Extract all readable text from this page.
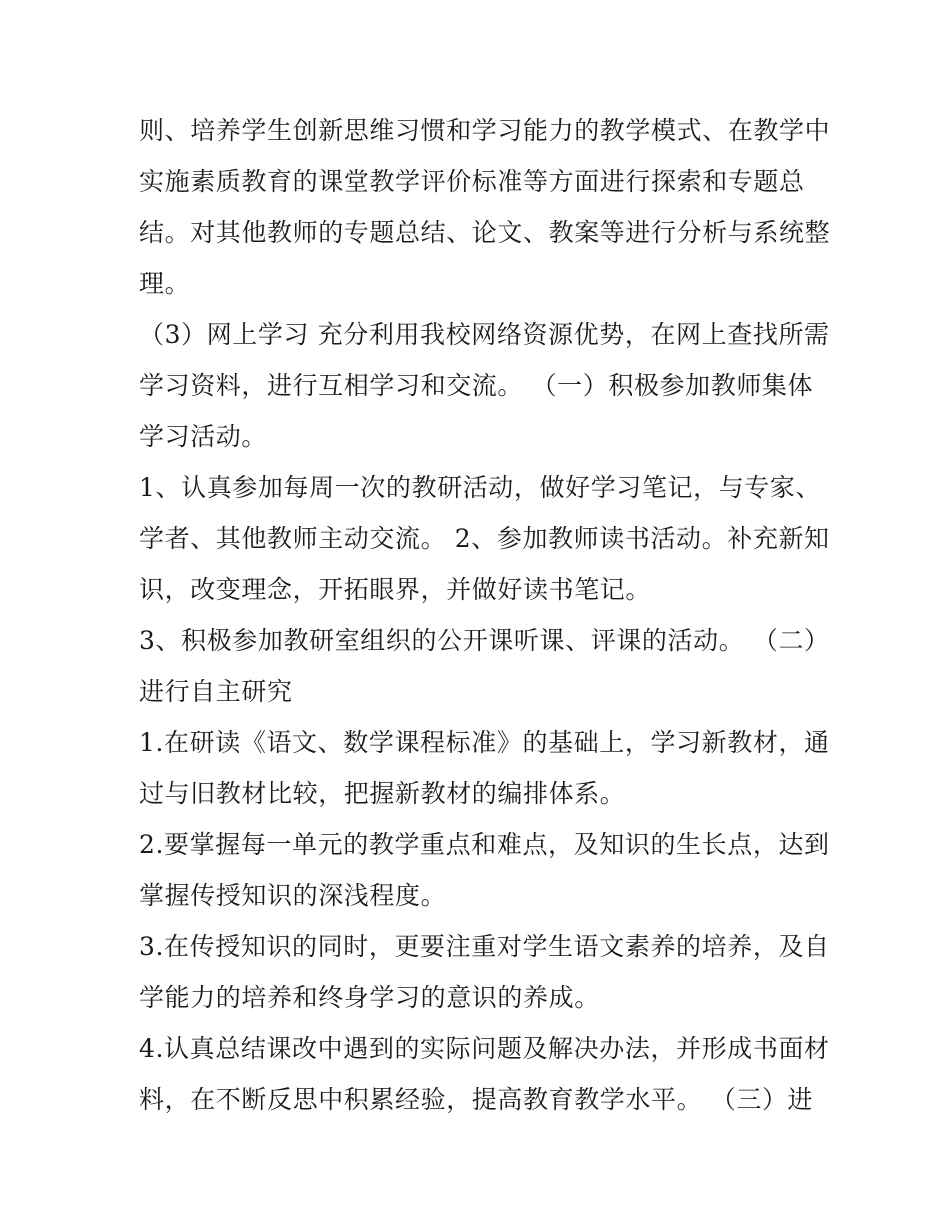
则、培养学生创新思维习惯和学习能力的教学模式、在教学中
实施素质教育的课堂教学评价标准等方面进行探索和专题总
结。对其他教师的专题总结、论文、教案等进行分析与系统整
理。
（3）网上学习 充分利用我校网络资源优势，在网上查找所需
学习资料，进行互相学习和交流。 （一）积极参加教师集体
学习活动。
1、认真参加每周一次的教研活动，做好学习笔记，与专家、
学者、其他教师主动交流。 2、参加教师读书活动。补充新知
识，改变理念，开拓眼界，并做好读书笔记。
3、积极参加教研室组织的公开课听课、评课的活动。 （二）
进行自主研究
1.在研读《语文、数学课程标准》的基础上，学习新教材，通
过与旧教材比较，把握新教材的编排体系。
2.要掌握每一单元的教学重点和难点，及知识的生长点，达到
掌握传授知识的深浅程度。
3.在传授知识的同时，更要注重对学生语文素养的培养，及自
学能力的培养和终身学习的意识的养成。
4.认真总结课改中遇到的实际问题及解决办法，并形成书面材
料，在不断反思中积累经验，提高教育教学水平。 （三）进
